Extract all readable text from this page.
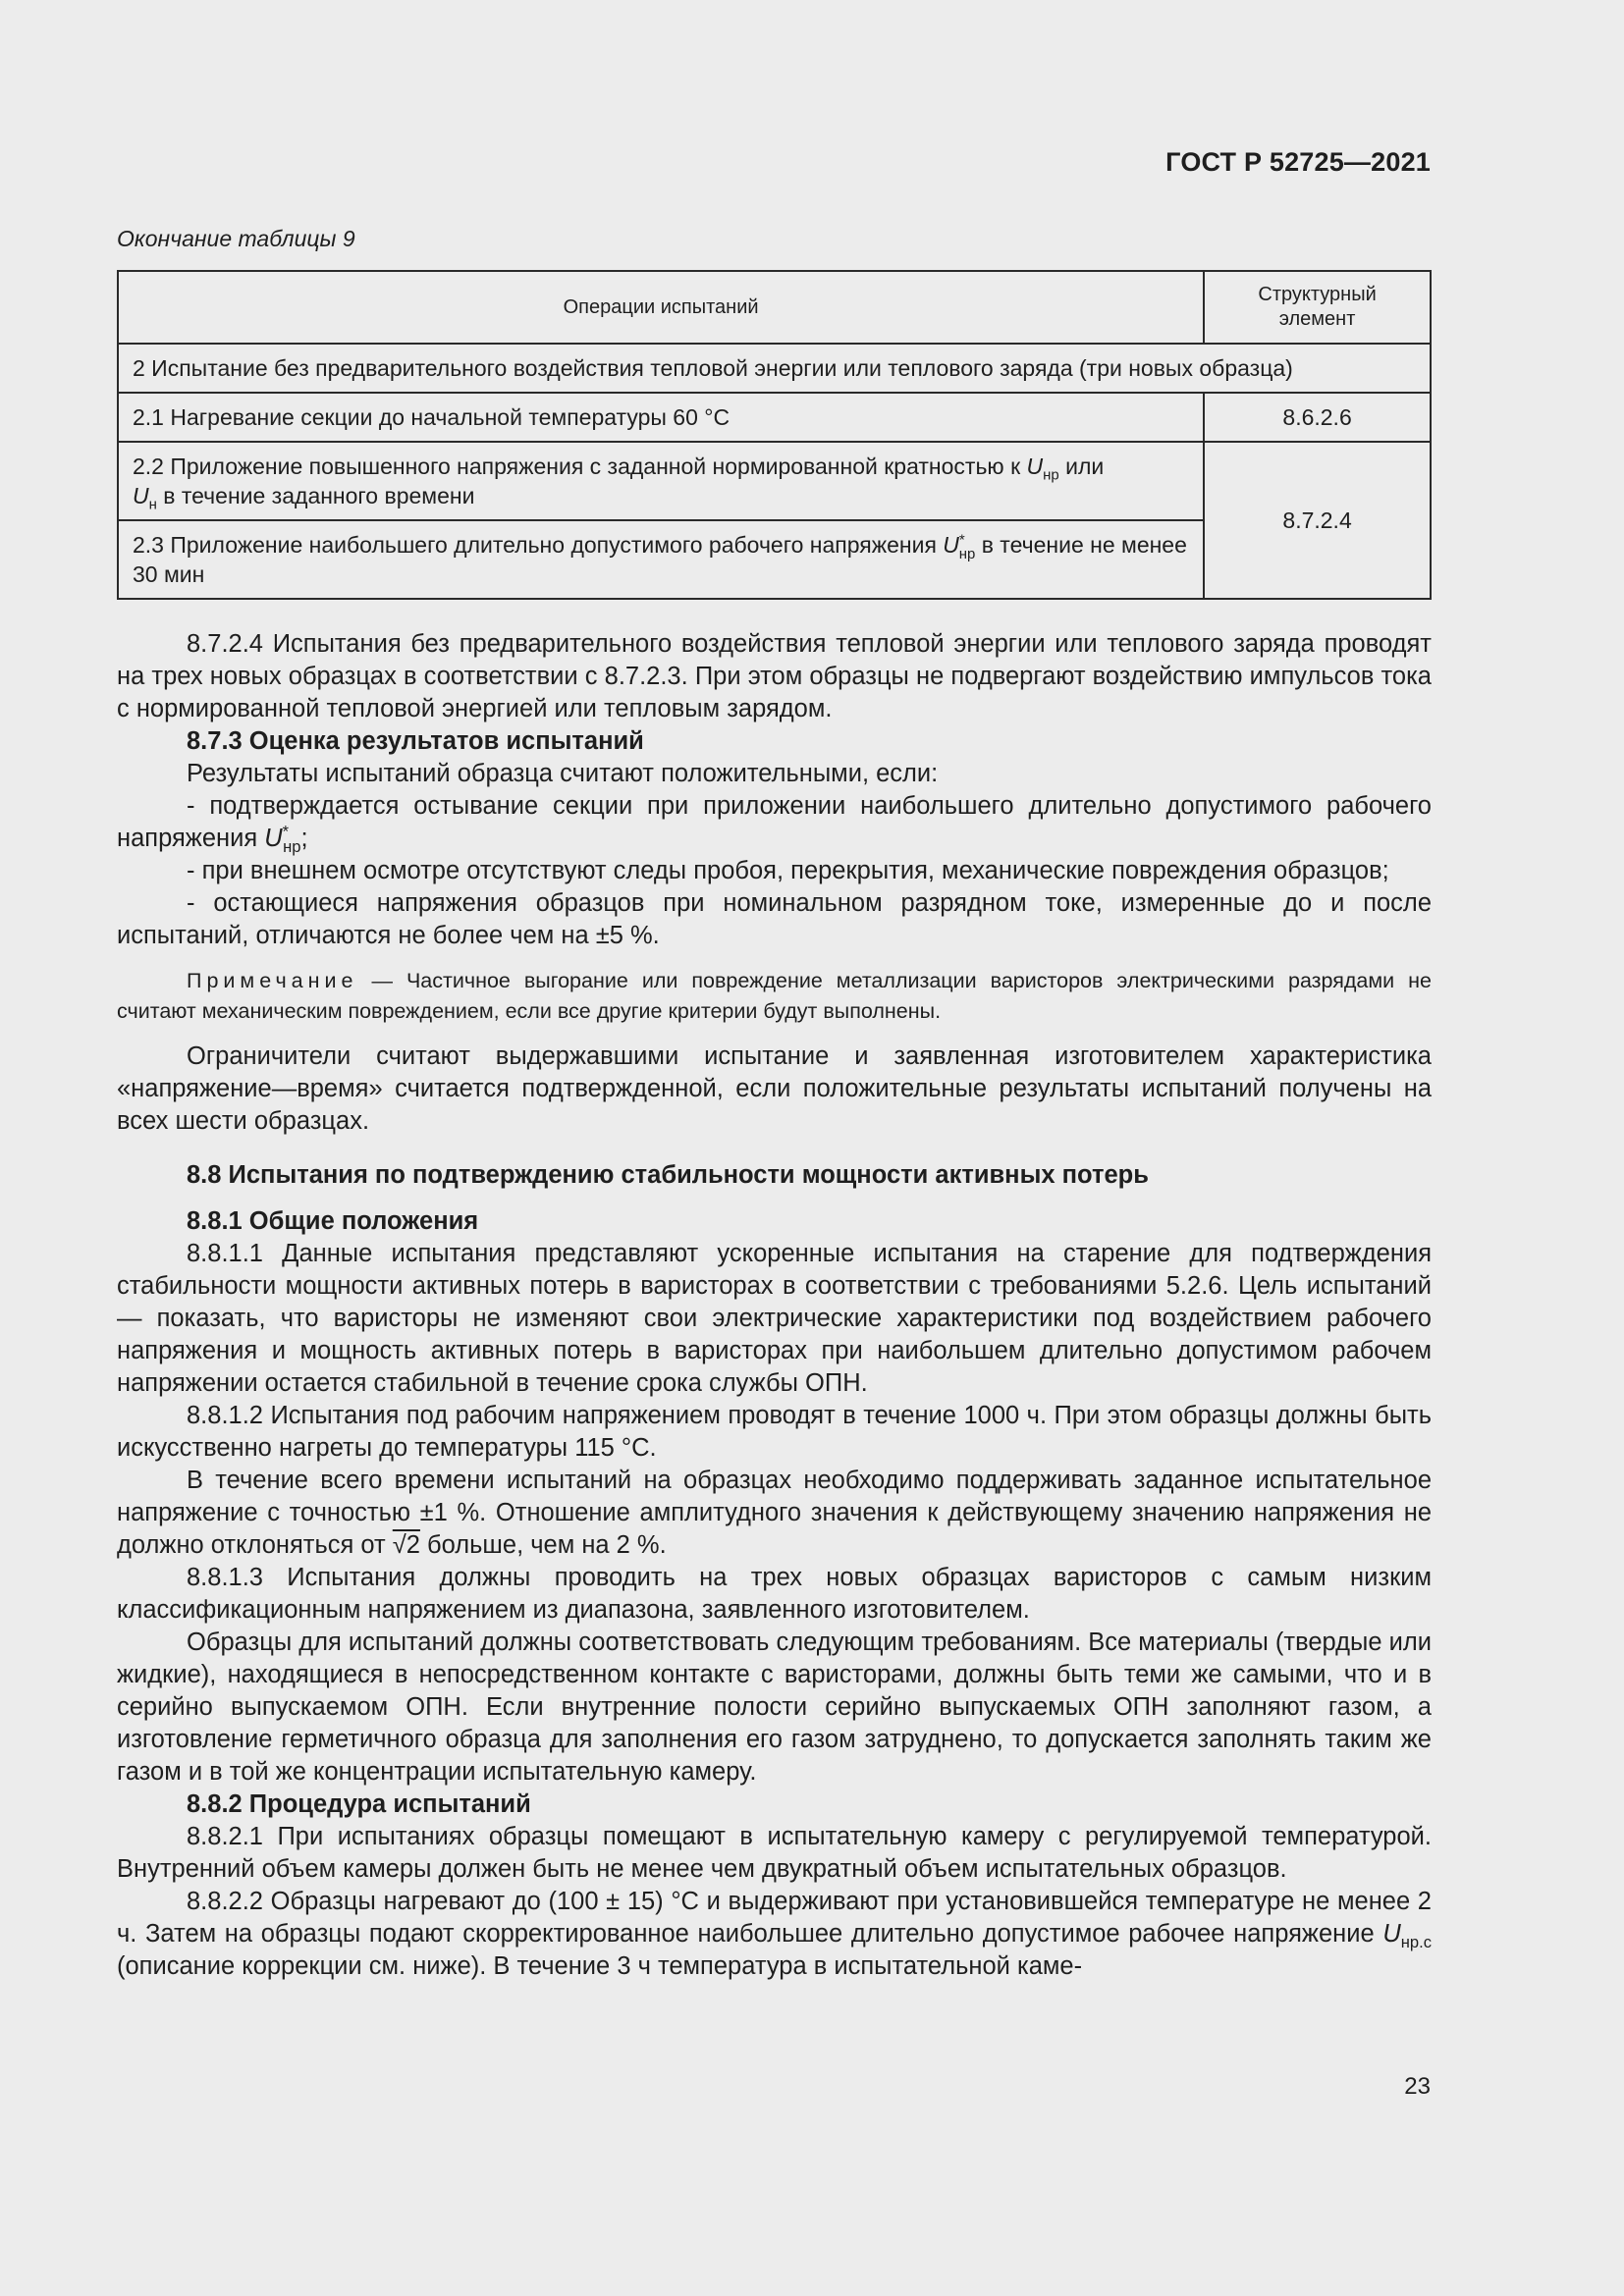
ГОСТ Р 52725—2021
Окончание таблицы 9
Операции испытаний	Структурный элемент
2 Испытание без предварительного воздействия тепловой энергии или теплового заряда (три новых образца)	
2.1 Нагревание секции до начальной температуры 60 °С	8.6.2.6
2.2 Приложение повышенного напряжения с заданной нормированной кратностью к $U_{нр}$ или
$U_н$ в течение заданного времени	8.7.2.4
2.3 Приложение наибольшего длительно допустимого рабочего напряжения $U^*_{нр}$ в течение не менее 30 мин	

8.7.2.4 Испытания без предварительного воздействия тепловой энергии или теплового заряда проводят на трех новых образцах в соответствии с 8.7.2.3. При этом образцы не подвергают воздействию импульсов тока с нормированной тепловой энергией или тепловым зарядом.

8.7.3 Оценка результатов испытаний

Результаты испытаний образца считают положительными, если:

- подтверждается остывание секции при приложении наибольшего длительно допустимого рабочего напряжения $U^*_{нр}$;

- при внешнем осмотре отсутствуют следы пробоя, перекрытия, механические повреждения образцов;

- остающиеся напряжения образцов при номинальном разрядном токе, измеренные до и после испытаний, отличаются не более чем на ±5 %.

Примечание — Частичное выгорание или повреждение металлизации варисторов электрическими разрядами не считают механическим повреждением, если все другие критерии будут выполнены.

Ограничители считают выдержавшими испытание и заявленная изготовителем характеристика «напряжение—время» считается подтвержденной, если положительные результаты испытаний получены на всех шести образцах.

8.8 Испытания по подтверждению стабильности мощности активных потерь

8.8.1 Общие положения

8.8.1.1 Данные испытания представляют ускоренные испытания на старение для подтверждения стабильности мощности активных потерь в варисторах в соответствии с требованиями 5.2.6. Цель испытаний — показать, что варисторы не изменяют свои электрические характеристики под воздействием рабочего напряжения и мощность активных потерь в варисторах при наибольшем длительно допустимом рабочем напряжении остается стабильной в течение срока службы ОПН.

8.8.1.2 Испытания под рабочим напряжением проводят в течение 1000 ч. При этом образцы должны быть искусственно нагреты до температуры 115 °С.

В течение всего времени испытаний на образцах необходимо поддерживать заданное испытательное напряжение с точностью ±1 %. Отношение амплитудного значения к действующему значению напряжения не должно отклоняться от √2 больше, чем на 2 %.

8.8.1.3 Испытания должны проводить на трех новых образцах варисторов с самым низким классификационным напряжением из диапазона, заявленного изготовителем.

Образцы для испытаний должны соответствовать следующим требованиям. Все материалы (твердые или жидкие), находящиеся в непосредственном контакте с варисторами, должны быть теми же самыми, что и в серийно выпускаемом ОПН. Если внутренние полости серийно выпускаемых ОПН заполняют газом, а изготовление герметичного образца для заполнения его газом затруднено, то допускается заполнять таким же газом и в той же концентрации испытательную камеру.

8.8.2 Процедура испытаний

8.8.2.1 При испытаниях образцы помещают в испытательную камеру с регулируемой температурой. Внутренний объем камеры должен быть не менее чем двукратный объем испытательных образцов.

8.8.2.2 Образцы нагревают до (100 ± 15) °С и выдерживают при установившейся температуре не менее 2 ч. Затем на образцы подают скорректированное наибольшее длительно допустимое рабочее напряжение $U_{нр.с}$ (описание коррекции см. ниже). В течение 3 ч температура в испытательной каме-

23
